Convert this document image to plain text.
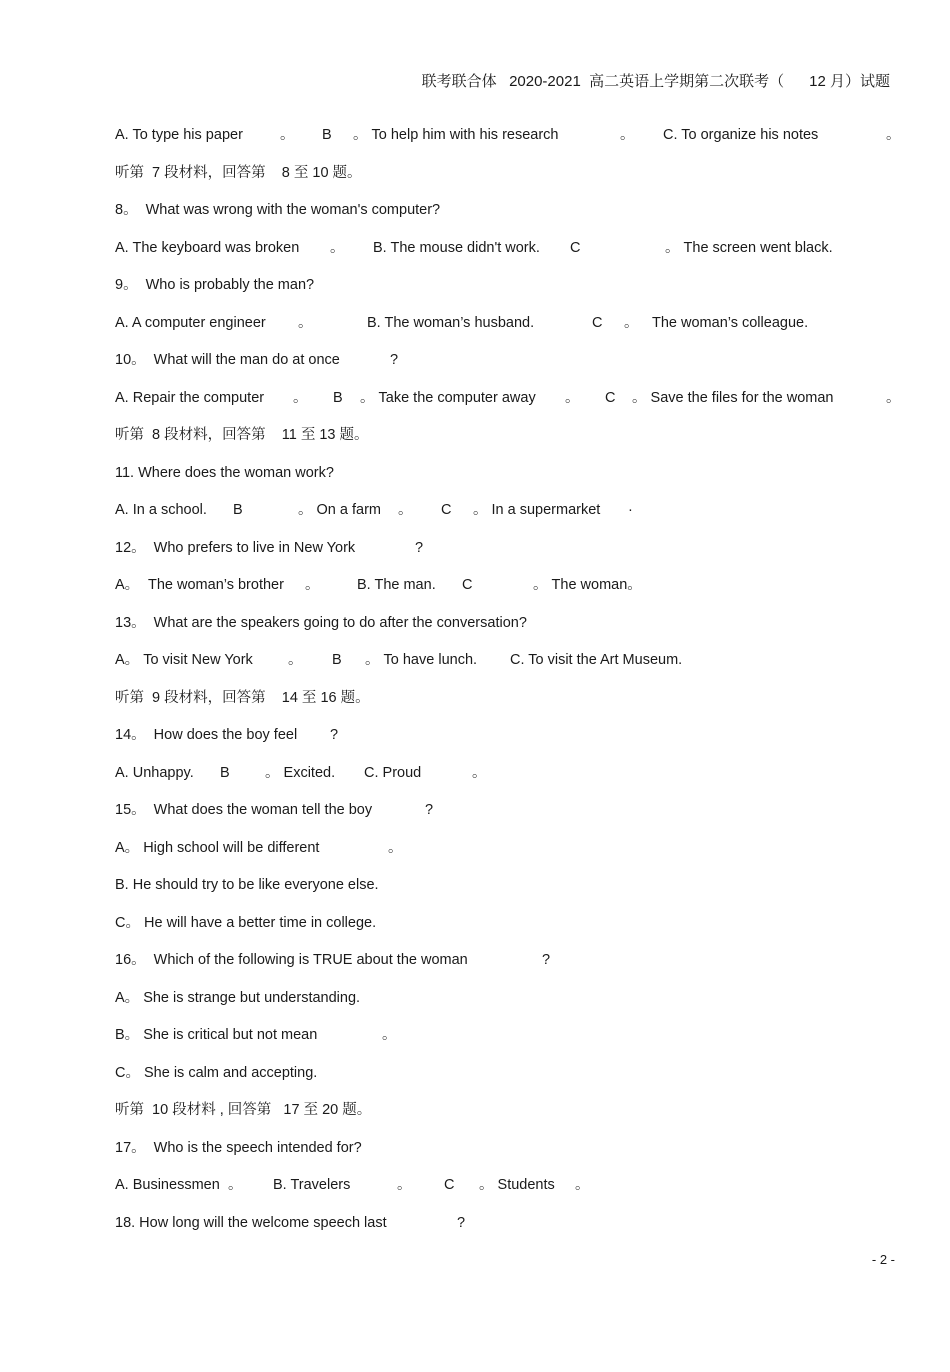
联考联合体   2020-2021  高二英语上学期第二次联考（      12 月）试题

A. To type his paper

	。

B

。 To help him with his research

	。

C. To organize his notes

	。

听第  7 段材料，回答第    8 至 10 题。

8。  What was wrong with the woman's computer?

A. The keyboard was broken

。

B. The mouse didn't work.

C

	。 The screen went black.

9。  Who is probably the man?

A. A computer engineer

。

	B. The woman’s husband.

	C

。

The woman’s colleague.

10。  What will the man do at once

	?

A. Repair the computer

。

B

。 Take the computer away

。

C

。 Save the files for the woman

	。

听第  8 段材料，回答第    11 至 13 题。

11. Where does the woman work?

A. In a school.

B

	。 On a farm

。

C

。 In a supermarket

·

12。  Who prefers to live in New York

	?

A。

The woman’s brother

。

	B. The man.

C

	。 The woman。

13。  What are the speakers going to do after the conversation?

A。 To visit New York

。

B

。 To have lunch.

C. To visit the Art Museum.

听第  9 段材料，回答第    14 至 16 题。

14。  How does the boy feel

?

A. Unhappy.

B

。 Excited.

C. Proud

	。

15。  What does the woman tell the boy

	?

A。 High school will be different

	。

B. He should try to be like everyone else.

C。 He will have a better time in college.

16。  Which of the following is TRUE about the woman

	?

A。 She is strange but understanding.

B。 She is critical but not mean

	。

C。 She is calm and accepting.

听第  10 段材料 , 回答第   17 至 20 题。

17。  Who is the speech intended for?

A. Businessmen

。

B. Travelers

	。

C

。 Students

。

18. How long will the welcome speech last

	?

- 2 -
